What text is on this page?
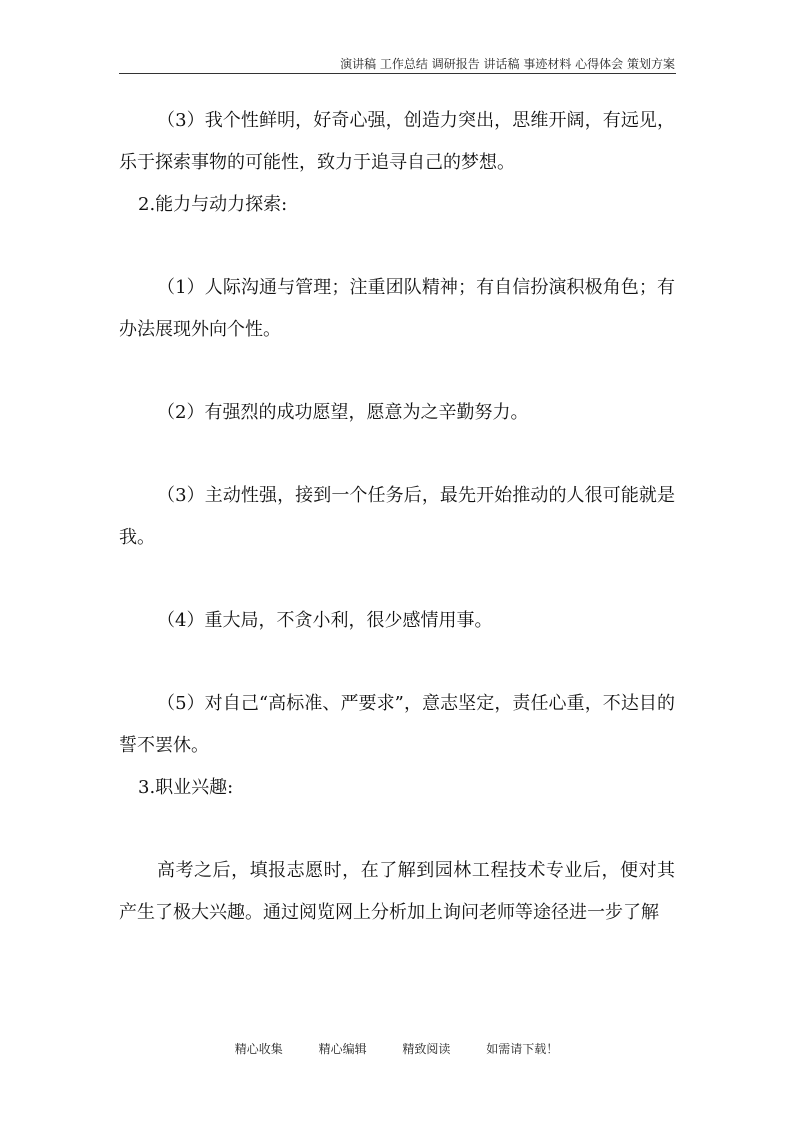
演讲稿 工作总结 调研报告 讲话稿 事迹材料 心得体会 策划方案

（3）我个性鲜明，好奇心强，创造力突出，思维开阔，有远见，乐于探索事物的可能性，致力于追寻自己的梦想。

2.能力与动力探索:

（1）人际沟通与管理；注重团队精神；有自信扮演积极角色；有办法展现外向个性。

（2）有强烈的成功愿望，愿意为之辛勤努力。

（3）主动性强，接到一个任务后，最先开始推动的人很可能就是我。

（4）重大局，不贪小利，很少感情用事。

（5）对自己“高标准、严要求”，意志坚定，责任心重，不达目的誓不罢休。

3.职业兴趣:

高考之后，填报志愿时，在了解到园林工程技术专业后，便对其产生了极大兴趣。通过阅览网上分析加上询问老师等途径进一步了解

精心收集	精心编辑	精致阅读	如需请下载！
